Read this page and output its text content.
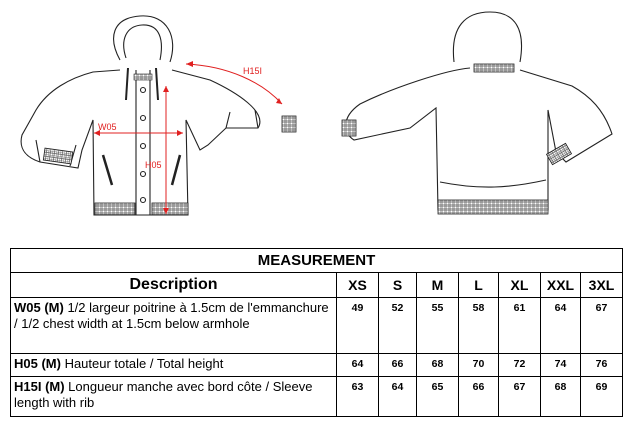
W05
H05
H15I
MEASUREMENT							
Description	XS	S	M	L	XL	XXL	3XL
W05 (M) 1/2 largeur poitrine à 1.5cm de l'emmanchure / 1/2 chest width at 1.5cm below armhole	49	52	55	58	61	64	67
H05 (M) Hauteur totale / Total height	64	66	68	70	72	74	76
H15I (M) Longueur manche avec bord côte / Sleeve length with rib	63	64	65	66	67	68	69
